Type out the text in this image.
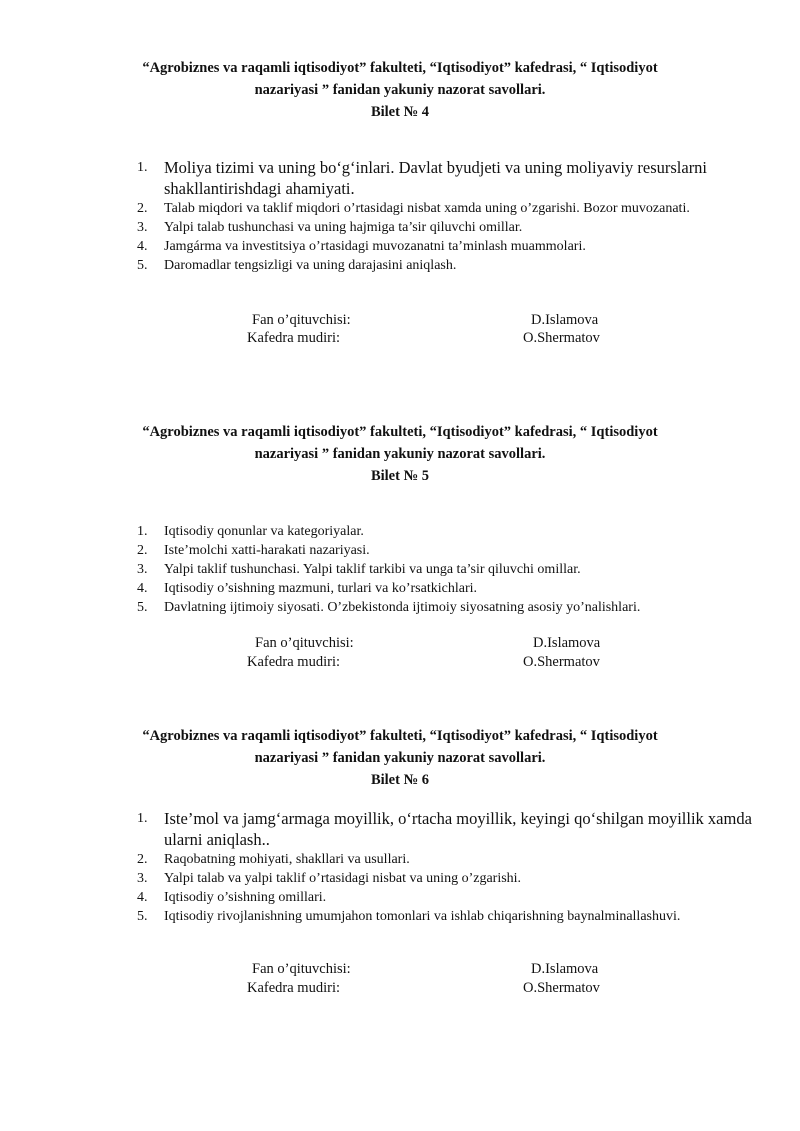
“Agrobiznes va raqamli iqtisodiyot” fakulteti, “Iqtisodiyot” kafedrasi, “ Iqtisodiyot
nazariyasi ” fanidan yakuniy nazorat savollari.
Bilet № 4
1. Moliya tizimi va uning bo‘g‘inlari. Davlat byudjeti va uning moliyaviy resurslarni shakllantirishdagi ahamiyati.
2. Talab miqdori va taklif miqdori o’rtasidagi nisbat xamda uning o’zgarishi. Bozor muvozanati.
3. Yalpi talab tushunchasi va uning hajmiga ta’sir qiluvchi omillar.
4. Jamgárma va investitsiya o’rtasidagi muvozanatni ta’minlash muammolari.
5. Daromadlar tengsizligi va uning darajasini aniqlash.
Fan o’qituvchisi:	D.Islamova
Kafedra mudiri:	O.Shermatov
“Agrobiznes va raqamli iqtisodiyot” fakulteti, “Iqtisodiyot” kafedrasi, “ Iqtisodiyot
nazariyasi ” fanidan yakuniy nazorat savollari.
Bilet № 5
1. Iqtisodiy qonunlar va kategoriyalar.
2. Iste’molchi xatti-harakati nazariyasi.
3. Yalpi taklif tushunchasi. Yalpi taklif tarkibi va unga ta’sir qiluvchi omillar.
4. Iqtisodiy o’sishning mazmuni, turlari va ko’rsatkichlari.
5. Davlatning ijtimoiy siyosati. O’zbekistonda ijtimoiy siyosatning asosiy yo’nalishlari.
Fan o’qituvchisi:	D.Islamova
Kafedra mudiri:	O.Shermatov
“Agrobiznes va raqamli iqtisodiyot” fakulteti, “Iqtisodiyot” kafedrasi, “ Iqtisodiyot
nazariyasi ” fanidan yakuniy nazorat savollari.
Bilet № 6
1. Iste’mol va jamg‘armaga moyillik, o‘rtacha moyillik, keyingi qo‘shilgan moyillik xamda ularni aniqlash..
2. Raqobatning mohiyati, shakllari va usullari.
3. Yalpi talab va yalpi taklif o’rtasidagi nisbat va uning o’zgarishi.
4. Iqtisodiy o’sishning omillari.
5. Iqtisodiy rivojlanishning umumjahon tomonlari va ishlab chiqarishning baynalminallashuvi.
Fan o’qituvchisi:	D.Islamova
Kafedra mudiri:	O.Shermatov
